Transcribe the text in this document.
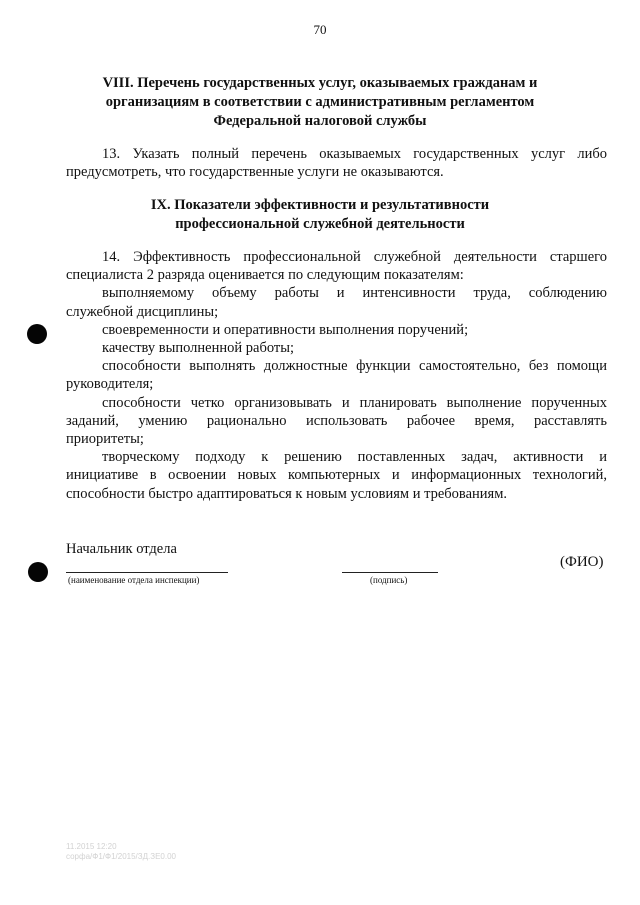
70
VIII. Перечень государственных услуг, оказываемых гражданам и
организациям в соответствии с административным регламентом
Федеральной налоговой службы
13. Указать полный перечень оказываемых государственных услуг либо
предусмотреть, что государственные услуги не оказываются.
IX. Показатели эффективности и результативности
профессиональной служебной деятельности
14. Эффективность профессиональной служебной деятельности старшего
специалиста 2 разряда оценивается по следующим показателям:
выполняемому объему работы и интенсивности труда, соблюдению
служебной дисциплины;
своевременности и оперативности выполнения поручений;
качеству выполненной работы;
способности выполнять должностные функции самостоятельно, без помощи
руководителя;
способности четко организовывать и планировать выполнение порученных
заданий, умению рационально использовать рабочее время, расставлять
приоритеты;
творческому подходу к решению поставленных задач, активности и
инициативе в освоении новых компьютерных и информационных технологий,
способности быстро адаптироваться к новым условиям и требованиям.
Начальник отдела
(наименование отдела инспекции)	(подпись)
(ФИО)
11.2015 12:20
сорфа/Ф1/Ф1/2015/ЗД.ЗЕ0.00
